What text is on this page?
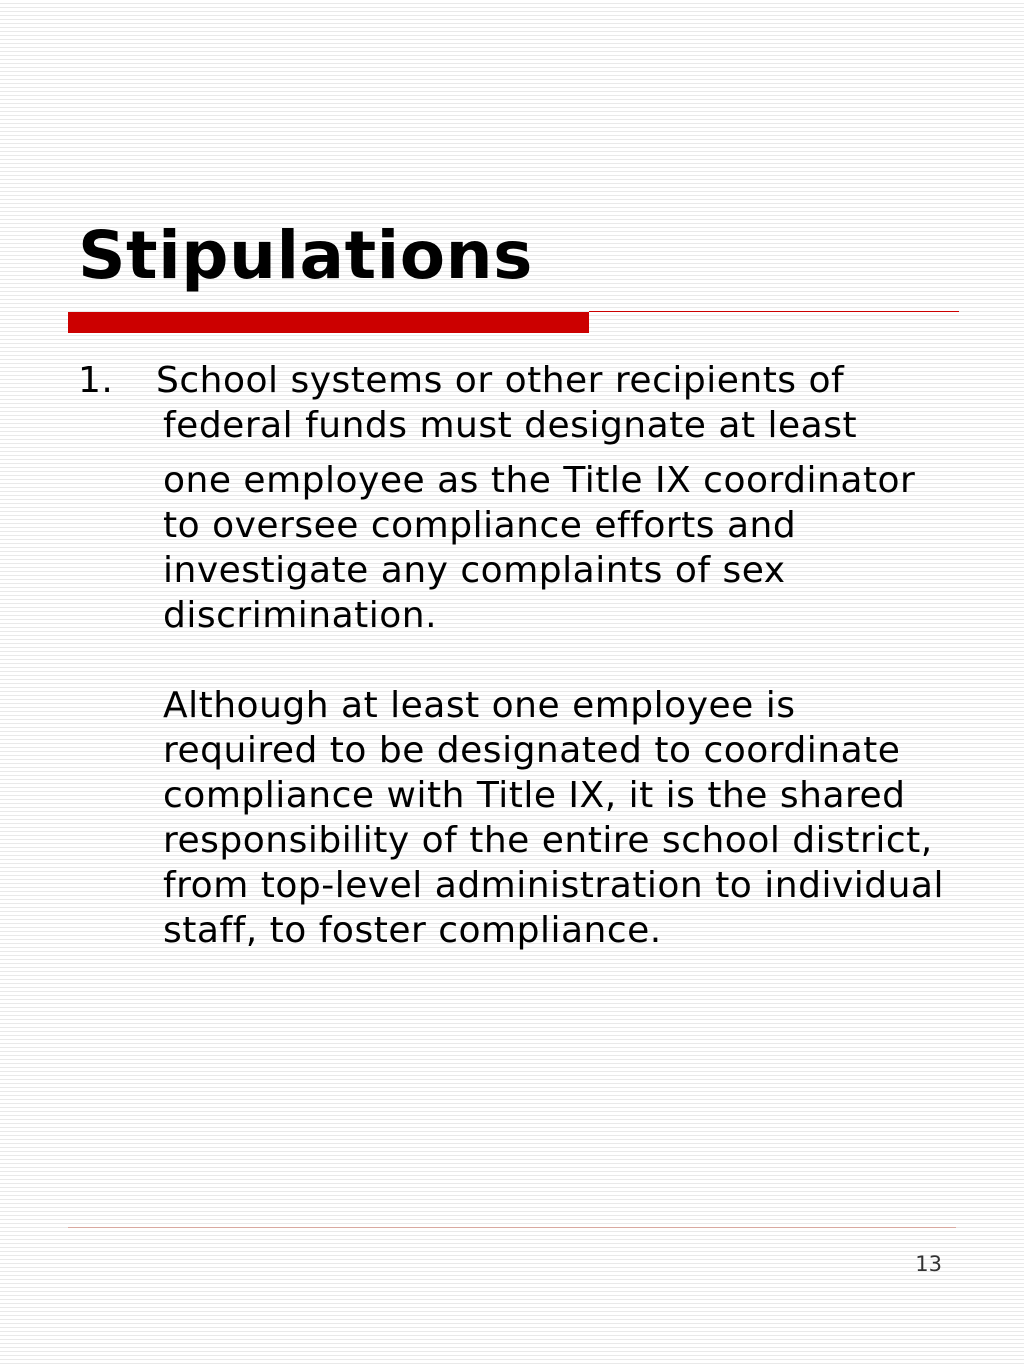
Stipulations
1. School systems or other recipients of

federal funds must designate at least

one employee as the Title IX coordinator
to oversee compliance efforts and
investigate any complaints of sex
discrimination.

Although at least one employee is
required to be designated to coordinate
compliance with Title IX, it is the shared
responsibility of the entire school district,
from top-level administration to individual
staff, to foster compliance.

13
